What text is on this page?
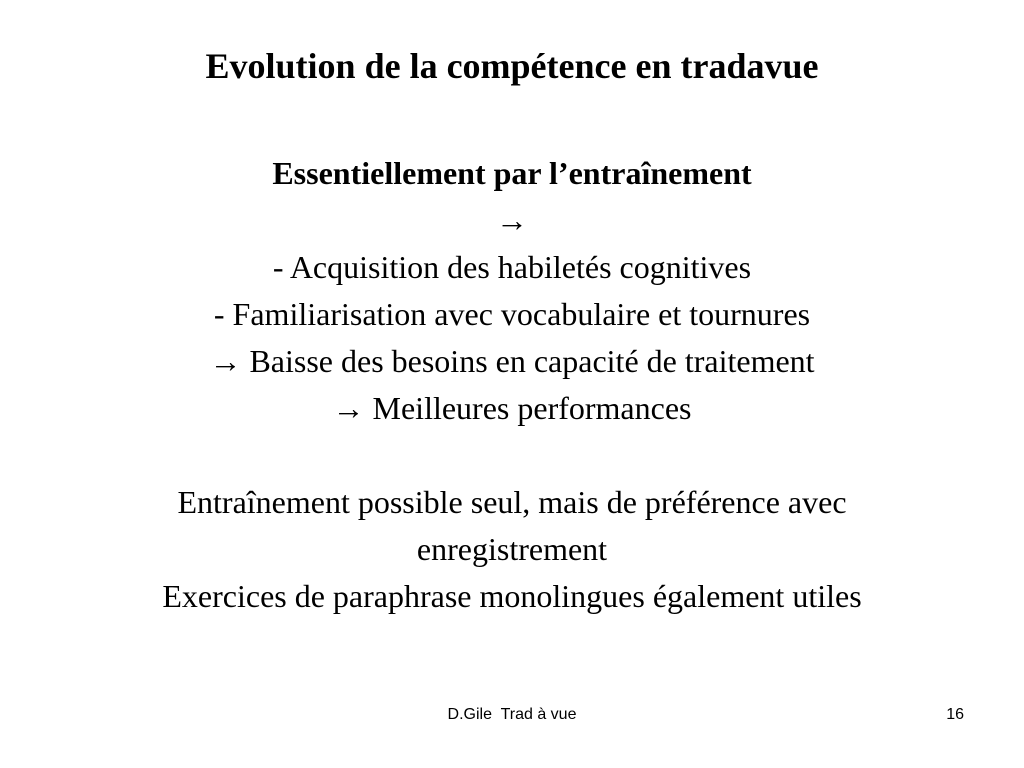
Evolution de la compétence en tradavue

Essentiellement par l’entraînement

→

- Acquisition des habiletés cognitives

- Familiarisation avec vocabulaire et tournures

→ Baisse des besoins en capacité de traitement

→ Meilleures performances

Entraînement possible seul, mais de préférence avec

enregistrement

Exercices de paraphrase monolingues également utiles

D.Gile  Trad à vue	16
